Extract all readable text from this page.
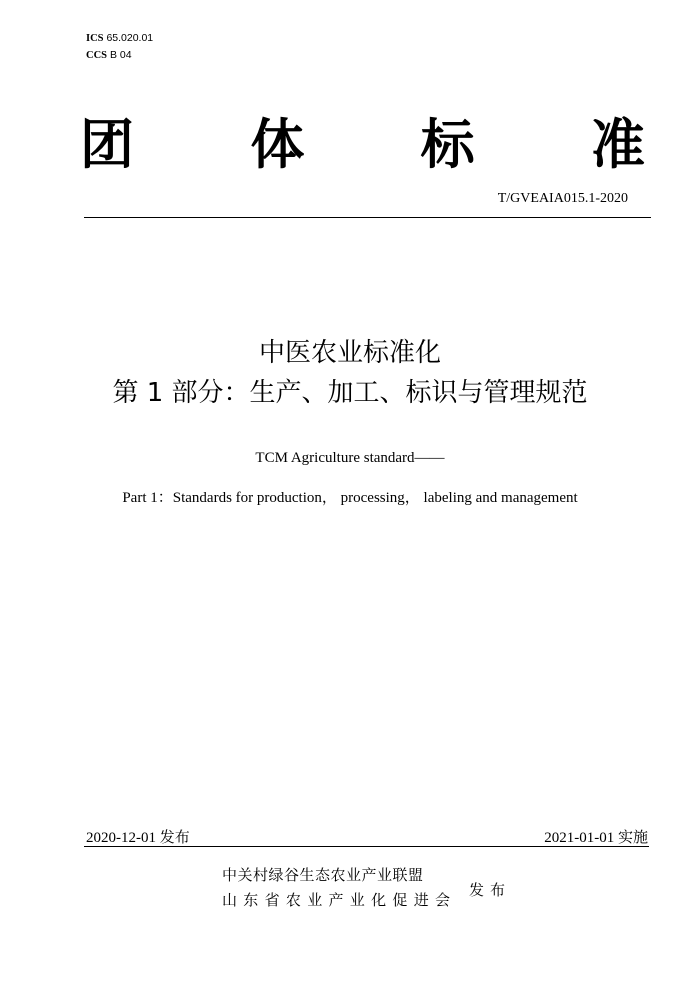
ICS 65.020.01
CCS B 04
团 体 标 准
T/GVEAIA015.1-2020
中医农业标准化
第 1 部分：生产、加工、标识与管理规范
TCM Agriculture standard——
Part 1：Standards for production， processing， labeling and management
2020-12-01 发布	2021-01-01 实施
中关村绿谷生态农业产业联盟
山东省农业产业化促进会
发布
